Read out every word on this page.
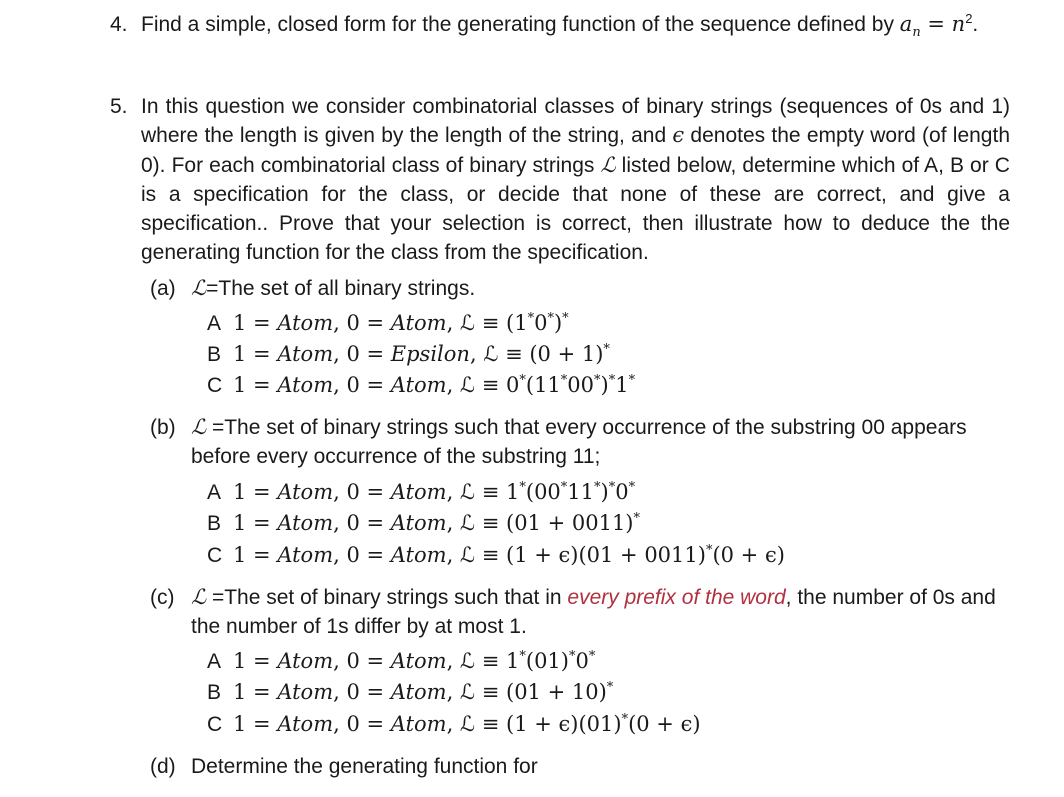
4. Find a simple, closed form for the generating function of the sequence defined by $a_n = n^2$.
5. In this question we consider combinatorial classes of binary strings (sequences of 0s and 1) where the length is given by the length of the string, and ϵ denotes the empty word (of length 0). For each combinatorial class of binary strings ℒ listed below, determine which of A, B or C is a specification for the class, or decide that none of these are correct, and give a specification.. Prove that your selection is correct, then illustrate how to deduce the the generating function for the class from the specification.
(a) ℒ=The set of all binary strings.
A 1 = Atom, 0 = Atom, ℒ ≡ (1*0*)*
B 1 = Atom, 0 = Epsilon, ℒ ≡ (0 + 1)*
C 1 = Atom, 0 = Atom, ℒ ≡ 0*(11*00*)*1*
(b) ℒ =The set of binary strings such that every occurrence of the substring 00 appears before every occurrence of the substring 11;
A 1 = Atom, 0 = Atom, ℒ ≡ 1*(00*11*)*0*
B 1 = Atom, 0 = Atom, ℒ ≡ (01 + 0011)*
C 1 = Atom, 0 = Atom, ℒ ≡ (1 + ϵ)(01 + 0011)*(0 + ϵ)
(c) ℒ =The set of binary strings such that in every prefix of the word, the number of 0s and the number of 1s differ by at most 1.
A 1 = Atom, 0 = Atom, ℒ ≡ 1*(01)*0*
B 1 = Atom, 0 = Atom, ℒ ≡ (01 + 10)*
C 1 = Atom, 0 = Atom, ℒ ≡ (1 + ϵ)(01)*(0 + ϵ)
(d) Determine the generating function for
